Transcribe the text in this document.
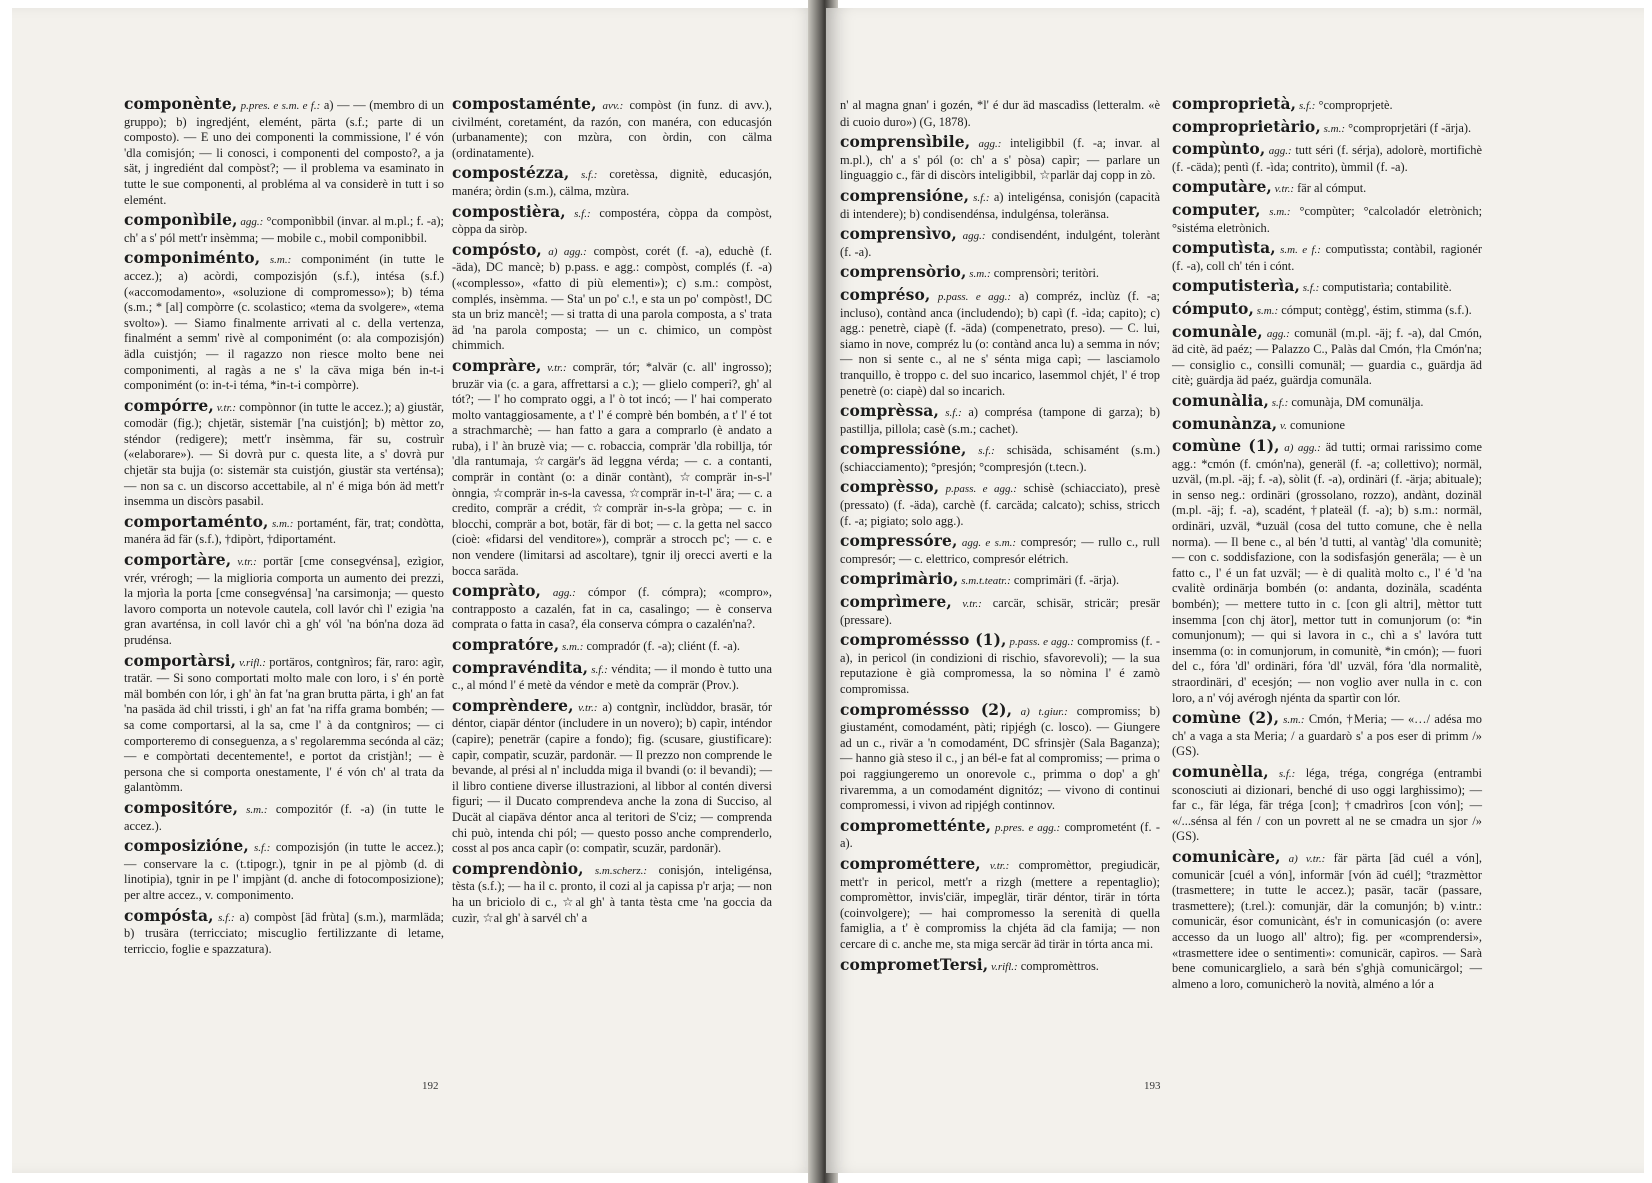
componènte, p.pres. e s.m. e f.: a) — — (membro di un gruppo); b) ingredjént, elemént, pärta (s.f.; parte di un composto). — E uno dei componenti la commissione, l' é vón 'dla comisjón; — li conosci, i componenti del composto?, a ja sät, j ingrediént dal compòst?; — il problema va esaminato in tutte le sue componenti, al probléma al va considerè in tutt i so elemént.

componìbile, agg.: °componìbbil (invar. al m.pl.; f. -a); ch' a s' pól mett'r insèmma; — mobile c., mobil componibbil.

componiménto, s.m.: componimént (in tutte le accez.); a) acòrdi, compozisjón (s.f.), intésa (s.f.) («accomodamento», «soluzione di compromesso»); b) téma (s.m.; * [al] compòrre (c. scolastico; «tema da svolgere», «tema svolto»). — Siamo finalmente arrivati al c. della vertenza, finalmént a semm' rivè al componimént (o: ala compozisjón) ädla cuistjón; — il ragazzo non riesce molto bene nei componimenti, al ragàs a ne s' la cäva miga bén in-t-i componimént (o: in-t-i téma, *in-t-i compòrre).

compórre, v.tr.: compònnor (in tutte le accez.); a) giustär, comodär (fig.); chjetär, sistemär ['na cuistjón]; b) mèttor zo, sténdor (redigere); mett'r insèmma, fär su, costruìr («elaborare»). — Si dovrà pur c. questa lite, a s' dovrà pur chjetär sta bujja (o: sistemär sta cuistjón, giustär sta verténsa); — non sa c. un discorso accettabile, al n' é miga bón äd mett'r insemma un discòrs pasabil.

comportaménto, s.m.: portamént, fär, trat; condòtta, manéra äd fär (s.f.), †dipòrt, †diportamént.

comportàre, v.tr.: portär [cme consegvénsa], ezìgior, vrér, vrérogh; — la miglioria comporta un aumento dei prezzi, la mjorìa la porta [cme consegvénsa] 'na carsimonja; — questo lavoro comporta un notevole cautela, coll lavór chì l' ezigia 'na gran avarténsa, in coll lavór chì a gh' vól 'na bón'na doza äd prudénsa.

comportàrsi, v.rifl.: portäros, contgnìros; fär, raro: agìr, tratär. — Si sono comportati molto male con loro, i s' én portè mäl bombén con lór, i gh' àn fat 'na gran brutta pärta, i gh' an fat 'na pasäda äd chil trissti, i gh' an fat 'na riffa grama bombén; — sa come comportarsi, al la sa, cme l' à da contgnìros; — ci comporteremo di conseguenza, a s' regolaremma secónda al cäz; — e compòrtati decentemente!, e portot da cristjàn!; — è persona che si comporta onestamente, l' é vón ch' al trata da galantòmm.

compositóre, s.m.: compozitór (f. -a) (in tutte le accez.).

composizióne, s.f.: compozisjón (in tutte le accez.); — conservare la c. (t.tipogr.), tgnir in pe al pjòmb (d. di linotipia), tgnir in pe l' impjànt (d. anche di fotocomposizione); per altre accez., v. componimento.

compósta, s.f.: a) compòst [äd frùta] (s.m.), marmläda; b) trusära (terricciato; miscuglio fertilizzante di letame, terriccio, foglie e spazzatura).

compostaménte, avv.: compòst (in funz. di avv.), civilmént, coretamént, da razón, con manéra, con educasjón (urbanamente); con mzùra, con òrdin, con cälma (ordinatamente).

compostézza, s.f.: coretèssa, dignitè, educasjón, manéra; òrdin (s.m.), cälma, mzùra.

compostièra, s.f.: compostéra, còppa da compòst, còppa da siròp.

compósto, a) agg.: compòst, corét (f. -a), educhè (f. -äda), DC mancè; b) p.pass. e agg.: compòst, complés (f. -a) («complesso», «fatto di più elementi»); c) s.m.: compòst, complés, insèmma. — Sta' un po' c.!, e sta un po' compòst!, DC sta un briz mancè!; — si tratta di una parola composta, a s' trata äd 'na parola composta; — un c. chimico, un compòst chimmich.

compràre, v.tr.: comprär, tór; *alvär (c. all' ingrosso); bruzär via (c. a gara, affrettarsi a c.); — glielo comperi?, gh' al tót?; — l' ho comprato oggi, a l' ò tot incó; — l' hai comperato molto vantaggiosamente, a t' l' é comprè bén bombén, a t' l' é tot a strachmarchè; — han fatto a gara a comprarlo (è andato a ruba), i l' àn bruzè via; — c. robaccia, comprär 'dla robillja, tór 'dla rantumaja, ☆cargär's äd leggna vérda; — c. a contanti, comprär in contànt (o: a dinär contànt), ☆comprär in-s-l' ònngia, ☆comprär in-s-la cavessa, ☆comprär in-t-l' ära; — c. a credito, comprär a crédit, ☆comprär in-s-la gròpa; — c. in blocchi, comprär a bot, botär, fär di bot; — c. la getta nel sacco (cioè: «fidarsi del venditore»), comprär a strocch pc'; — c. e non vendere (limitarsi ad ascoltare), tgnir ilj orecci averti e la bocca saräda.

compràto, agg.: cómpor (f. cómpra); «compro», contrapposto a cazalén, fat in ca, casalingo; — è conserva comprata o fatta in casa?, éla conserva cómpra o cazalén'na?.

compratóre, s.m.: compradór (f. -a); cliént (f. -a).

compravéndita, s.f.: véndita; — il mondo è tutto una c., al mónd l' é metè da véndor e metè da comprär (Prov.).

comprèndere, v.tr.: a) contgnìr, inclùddor, brasär, tór déntor, ciapär déntor (includere in un novero); b) capìr, inténdor (capire); peneträr (capire a fondo); fig. (scusare, giustificare): capìr, compatìr, scuzär, pardonär. — Il prezzo non comprende le bevande, al prési al n' includda miga il bvandi (o: il bevandi); — il libro contiene diverse illustrazioni, al libbor al contén diversi figuri; — il Ducato comprendeva anche la zona di Succiso, al Ducät al ciapäva déntor anca al teritori de S'ciz; — comprenda chi può, intenda chi pól; — questo posso anche comprenderlo, cosst al pos anca capìr (o: compatìr, scuzär, pardonär).

comprendònio, s.m.scherz.: conisjón, inteligénsa, tèsta (s.f.); — ha il c. pronto, il cozi al ja capissa p'r arja; — non ha un briciolo di c., ☆al gh' à tanta tèsta cme 'na goccia da cuzìr, ☆al gh' à sarvél ch' a

192

n' al magna gnan' i gozén, *l' é dur äd mascadìss (letteralm. «è di cuoio duro») (G, 1878).

comprensìbile, agg.: inteligibbil (f. -a; invar. al m.pl.), ch' a s' pól (o: ch' a s' pòsa) capìr; — parlare un linguaggio c., fär di discòrs inteligibbil, ☆parlär daj copp in zò.

comprensióne, s.f.: a) inteligénsa, conisjón (capacità di intendere); b) condisendénsa, indulgénsa, toleränsa.

comprensìvo, agg.: condisendént, indulgént, tolerànt (f. -a).

comprensòrio, s.m.: comprensòri; teritòri.

compréso, p.pass. e agg.: a) compréz, inclùz (f. -a; incluso), contànd anca (includendo); b) capì (f. -ìda; capito); c) agg.: penetrè, ciapè (f. -äda) (compenetrato, preso). — C. lui, siamo in nove, compréz lu (o: contànd anca lu) a semma in nóv; — non si sente c., al ne s' sénta miga capì; — lasciamolo tranquillo, è troppo c. del suo incarico, lasemmol chjét, l' é trop penetrè (o: ciapè) dal so incarich.

comprèssa, s.f.: a) comprésa (tampone di garza); b) pastillja, pillola; casè (s.m.; cachet).

compressióne, s.f.: schisäda, schisamént (s.m.) (schiacciamento); °presjón; °compresjón (t.tecn.).

comprèsso, p.pass. e agg.: schisè (schiacciato), presè (pressato) (f. -äda), carchè (f. carcäda; calcato); schiss, stricch (f. -a; pigiato; solo agg.).

compressóre, agg. e s.m.: compresór; — rullo c., rull compresór; — c. elettrico, compresór elétrich.

comprimàrio, s.m.t.teatr.: comprimäri (f. -ärja).

comprìmere, v.tr.: carcär, schisär, stricär; presär (pressare).

comproméssso (1), p.pass. e agg.: compromiss (f. -a), in pericol (in condizioni di rischio, sfavorevoli); — la sua reputazione è già compromessa, la so nòmina l' é zamò compromissa.

comproméssso (2), a) t.giur.: compromiss; b) giustamént, comodamént, pàti; ripjégh (c. losco). — Giungere ad un c., rivär a 'n comodamént, DC sfrinsjèr (Sala Baganza); — hanno già steso il c., j an bél-e fat al compromiss; — prima o poi raggiungeremo un onorevole c., primma o dop' a gh' rivaremma, a un comodamént dignitóz; — vivono di continui compromessi, i vivon ad ripjégh continnov.

comprometténte, p.pres. e agg.: comprometént (f. -a).

comprométtere, v.tr.: compromèttor, pregiudicär, mett'r in pericol, mett'r a rizgh (mettere a repentaglio); compromèttor, invis'ciär, impeglär, tirär déntor, tirär in tórta (coinvolgere); — hai compromesso la serenità di quella famiglia, a t' è compromiss la chjéta äd cla famija; — non cercare di c. anche me, sta miga sercär äd tirär in tórta anca mi.

comprometTersi, v.rifl.: compromèttros.

comproprietà, s.f.: °comproprjetè.

comproprietàrio, s.m.: °comproprjetäri (f -ärja).

compùnto, agg.: tutt séri (f. sérja), adolorè, mortifichè (f. -cäda); pentì (f. -ìda; contrito), ùmmil (f. -a).

computàre, v.tr.: fär al cómput.

computer, s.m.: °compùter; °calcoladór eletrònich; °sistéma eletrònich.

computìsta, s.m. e f.: computìssta; contàbil, ragionér (f. -a), coll ch' tén i cónt.

computisterìa, s.f.: computistarìa; contabilitè.

cómputo, s.m.: cómput; contègg', éstim, stimma (s.f.).

comunàle, agg.: comunäl (m.pl. -äj; f. -a), dal Cmón, äd citè, äd paéz; — Palazzo C., Palàs dal Cmón, †la Cmón'na; — consiglio c., consìlli comunäl; — guardia c., guärdja äd citè; guärdja äd paéz, guärdja comunäla.

comunàlia, s.f.: comunàja, DM comunälja.

comunànza, v. comunione

comùne (1), a) agg.: äd tutti; ormai rarissimo come agg.: *cmón (f. cmón'na), generäl (f. -a; collettivo); normäl, uzväl, (m.pl. -äj; f. -a), sòlit (f. -a), ordinäri (f. -ärja; abituale); in senso neg.: ordinäri (grossolano, rozzo), andànt, dozinäl (m.pl. -äj; f. -a), scadént, †plateäl (f. -a); b) s.m.: normäl, ordinäri, uzväl, *uzuäl (cosa del tutto comune, che è nella norma). — Il bene c., al bén 'd tutti, al vantàg' 'dla comunitè; — con c. soddisfazione, con la sodisfasjón generäla; — è un fatto c., l' é un fat uzväl; — è di qualità molto c., l' é 'd 'na cvalitè ordinärja bombén (o: andanta, dozinäla, scadénta bombén); — mettere tutto in c. [con gli altri], mèttor tutt insemma [con chj ätor], mettor tutt in comunjorum (o: *in comunjonum); — qui si lavora in c., chì a s' lavóra tutt insemma (o: in comunjorum, in comunitè, *in cmón); — fuori del c., fóra 'dl' ordinäri, fóra 'dl' uzväl, fóra 'dla normalitè, straordinäri, d' ecesjón; — non voglio aver nulla in c. con loro, a n' vój avérogh njénta da spartìr con lór.

comùne (2), s.m.: Cmón, †Meria; — «…/ adésa mo ch' a vaga a sta Meria; / a guardarò s' a pos eser di primm /» (GS).

comunèlla, s.f.: léga, tréga, congréga (entrambi sconosciuti ai dizionari, benché di uso oggi larghissimo); — far c., fär léga, fär tréga [con]; †cmadrìros [con vón]; — «/...sénsa al fén / con un povrett al ne se cmadra un sjor /» (GS).

comunicàre, a) v.tr.: fär pärta [äd cuél a vón], comunicär [cuél a vón], informär [vón äd cuél]; °trazmèttor (trasmettere; in tutte le accez.); pasär, tacär (passare, trasmettere); (t.rel.): comunjär, där la comunjón; b) v.intr.: comunicär, ésor comunicànt, és'r in comunicasjón (o: avere accesso da un luogo all' altro); fig. per «comprendersi», «trasmettere idee o sentimenti»: comunicär, capìros. — Sarà bene comunicarglielo, a sarà bén s'ghjà comunicärgol; — almeno a loro, comunicherò la novità, alméno a lór a

193
